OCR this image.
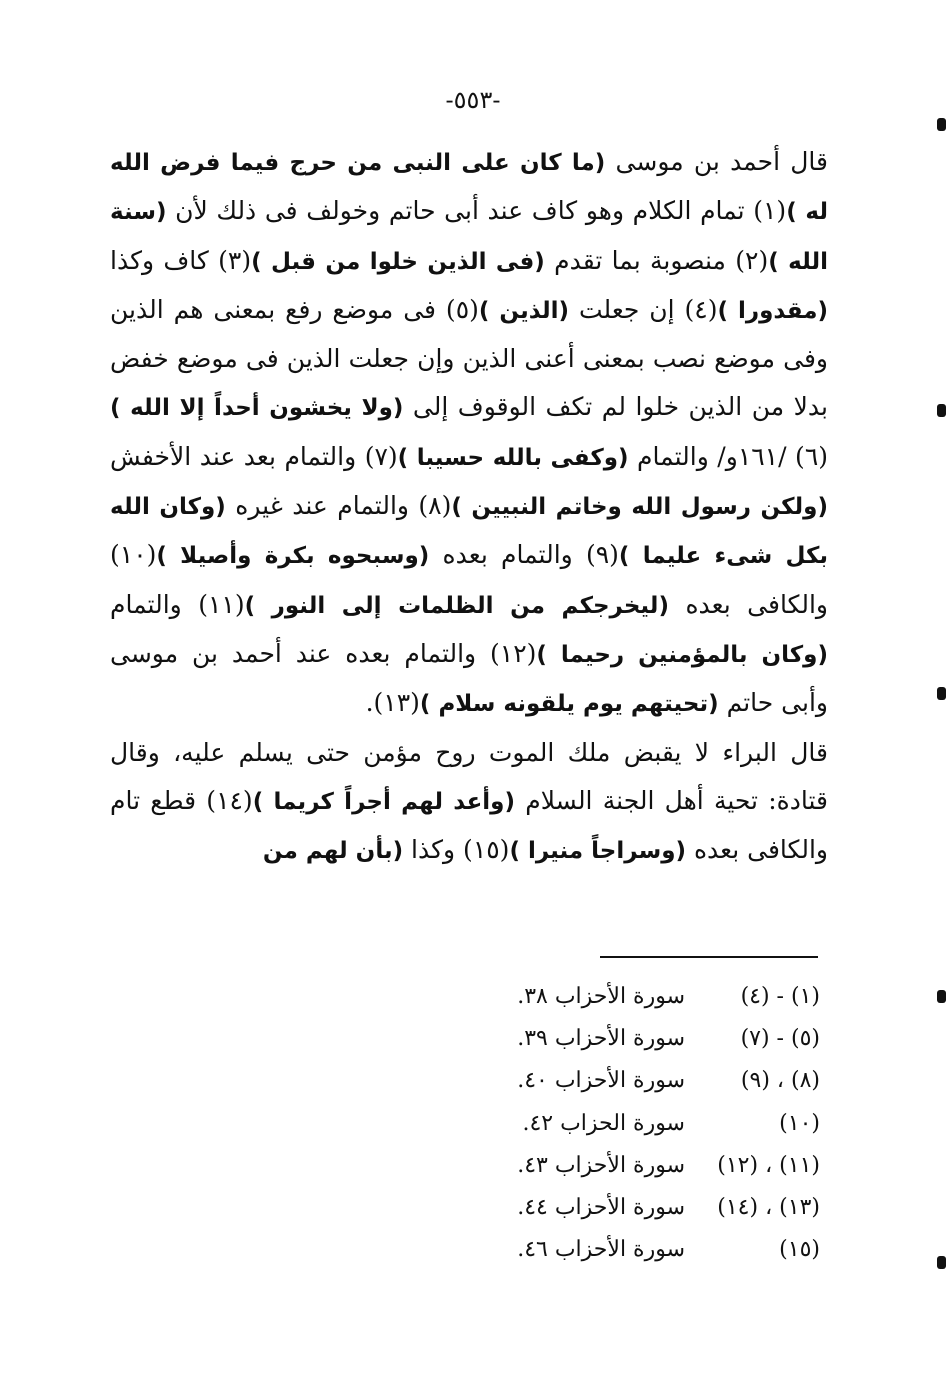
-٥٥٣-

قال أحمد بن موسى (ما كان على النبى من حرج فيما فرض الله له )(١) تمام الكلام وهو كاف عند أبى حاتم وخولف فى ذلك لأن (سنة الله )(٢) منصوبة بما تقدم (فى الذين خلوا من قبل )(٣) كاف وكذا (مقدورا )(٤) إن جعلت (الذين )(٥) فى موضع رفع بمعنى هم الذين وفى موضع نصب بمعنى أعنى الذين وإن جعلت الذين فى موضع خفض بدلا من الذين خلوا لم تكف الوقوف إلى (ولا يخشون أحداً إلا الله )(٦) /١٦١و/ والتمام (وكفى بالله حسيبا )(٧) والتمام بعد عند الأخفش (ولكن رسول الله وخاتم النبيين )(٨) والتمام عند غيره (وكان الله بكل شىء عليما )(٩) والتمام بعده (وسبحوه بكرة وأصيلا )(١٠) والكافى بعده (ليخرجكم من الظلمات إلى النور )(١١) والتمام (وكان بالمؤمنين رحيما )(١٢) والتمام بعده عند أحمد بن موسى وأبى حاتم (تحيتهم يوم يلقونه سلام )(١٣).

قال البراء لا يقبض ملك الموت روح مؤمن حتى يسلم عليه، وقال قتادة: تحية أهل الجنة السلام (وأعد لهم أجراً كريما )(١٤) قطع تام والكافى بعده (وسراجاً منيرا )(١٥) وكذا (بأن لهم من

(١) - (٤)
سورة الأحزاب ٣٨.
(٥) - (٧)
سورة الأحزاب ٣٩.
(٨) ، (٩)
سورة الأحزاب ٤٠.
(١٠)
سورة الحزاب ٤٢.
(١١) ، (١٢)
سورة الأحزاب ٤٣.
(١٣) ، (١٤)
سورة الأحزاب ٤٤.
(١٥)
سورة الأحزاب ٤٦.
